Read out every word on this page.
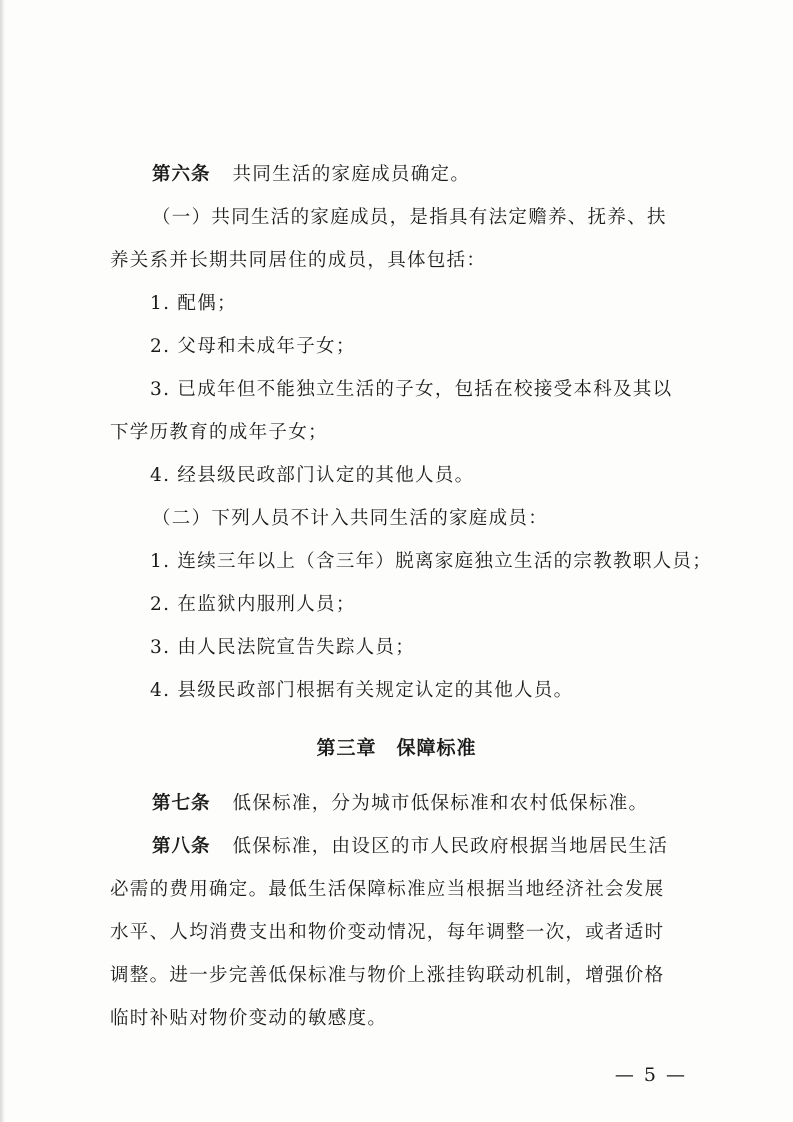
第六条 共同生活的家庭成员确定。
（一）共同生活的家庭成员，是指具有法定赡养、抚养、扶
养关系并长期共同居住的成员，具体包括：
1. 配偶；
2. 父母和未成年子女；
3. 已成年但不能独立生活的子女，包括在校接受本科及其以
下学历教育的成年子女；
4. 经县级民政部门认定的其他人员。
（二）下列人员不计入共同生活的家庭成员：
1. 连续三年以上（含三年）脱离家庭独立生活的宗教教职人员；
2. 在监狱内服刑人员；
3. 由人民法院宣告失踪人员；
4. 县级民政部门根据有关规定认定的其他人员。
第三章　保障标准
第七条 低保标准，分为城市低保标准和农村低保标准。
第八条 低保标准，由设区的市人民政府根据当地居民生活
必需的费用确定。最低生活保障标准应当根据当地经济社会发展
水平、人均消费支出和物价变动情况，每年调整一次，或者适时
调整。进一步完善低保标准与物价上涨挂钩联动机制，增强价格
临时补贴对物价变动的敏感度。
— 5 —
